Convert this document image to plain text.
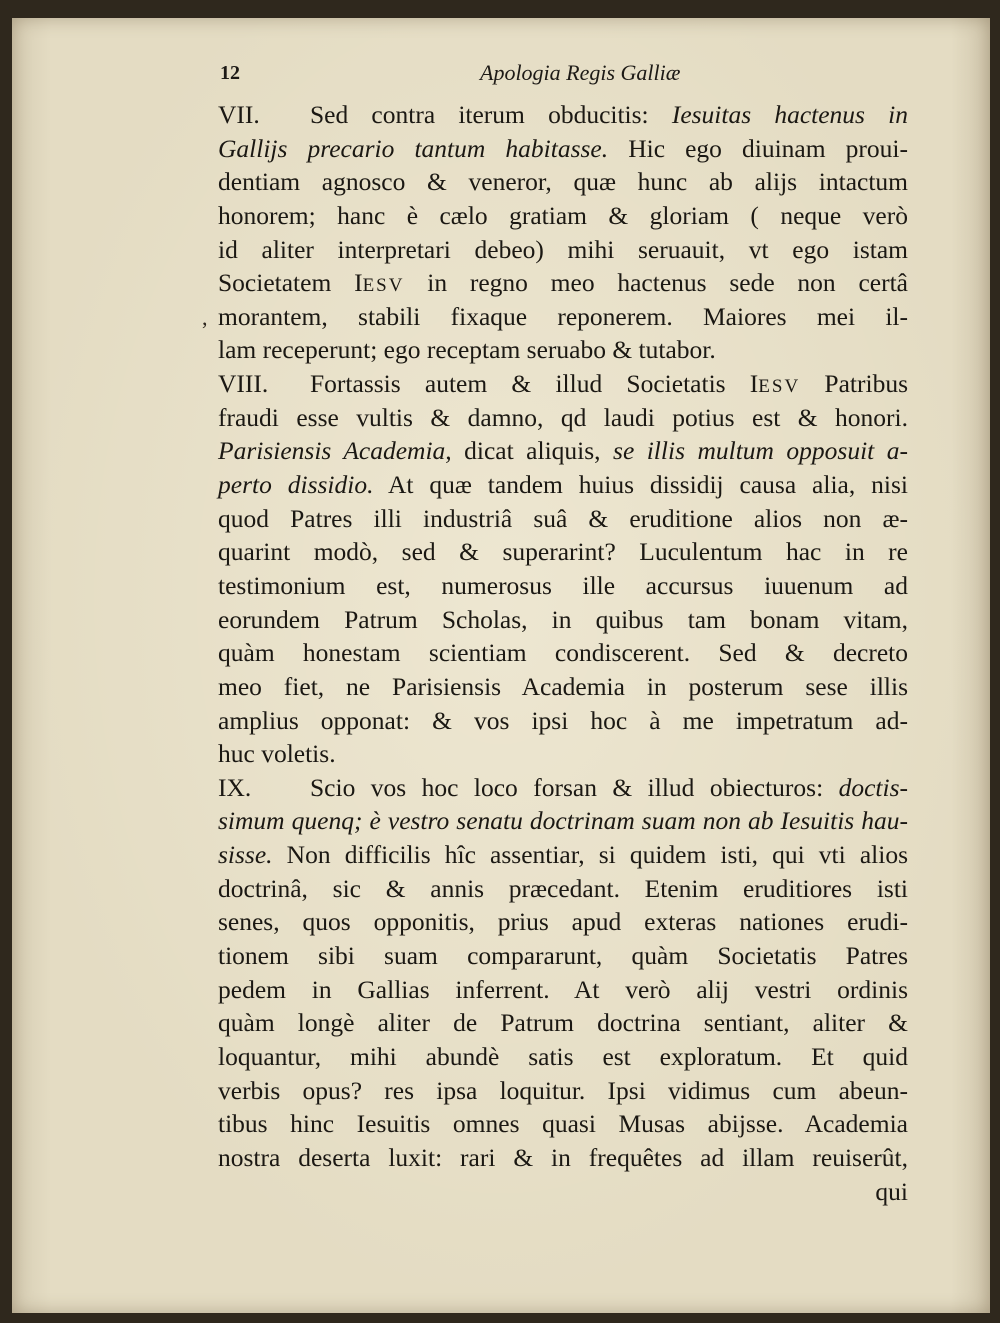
12	Apologia Regis Galliæ
,
VII. Sed contra iterum obducitis: Iesuitas hactenus in
Gallijs precario tantum habitasse. Hic ego diuinam proui-
dentiam agnosco & veneror, quæ hunc ab alijs intactum
honorem; hanc è cælo gratiam & gloriam ( neque verò
id aliter interpretari debeo) mihi seruauit, vt ego istam
Societatem IESV in regno meo hactenus sede non certâ
morantem, stabili fixaque reponerem. Maiores mei il-
lam receperunt; ego receptam seruabo & tutabor.
VIII. Fortassis autem & illud Societatis IESV Patribus
fraudi esse vultis & damno, qd laudi potius est & honori.
Parisiensis Academia, dicat aliquis, se illis multum opposuit a-
perto dissidio. At quæ tandem huius dissidij causa alia, nisi
quod Patres illi industriâ suâ & eruditione alios non æ-
quarint modò, sed & superarint? Luculentum hac in re
testimonium est, numerosus ille accursus iuuenum ad
eorundem Patrum Scholas, in quibus tam bonam vitam,
quàm honestam scientiam condiscerent. Sed & decreto
meo fiet, ne Parisiensis Academia in posterum sese illis
amplius opponat: & vos ipsi hoc à me impetratum ad-
huc voletis.
IX. Scio vos hoc loco forsan & illud obiecturos: doctis-
simum quenq; è vestro senatu doctrinam suam non ab Iesuitis hau-
sisse. Non difficilis hîc assentiar, si quidem isti, qui vti alios
doctrinâ, sic & annis præcedant. Etenim eruditiores isti
senes, quos opponitis, prius apud exteras nationes erudi-
tionem sibi suam compararunt, quàm Societatis Patres
pedem in Gallias inferrent. At verò alij vestri ordinis
quàm longè aliter de Patrum doctrina sentiant, aliter &
loquantur, mihi abundè satis est exploratum. Et quid
verbis opus? res ipsa loquitur. Ipsi vidimus cum abeun-
tibus hinc Iesuitis omnes quasi Musas abijsse. Academia
nostra deserta luxit: rari & in frequêtes ad illam reuiserût,
qui
